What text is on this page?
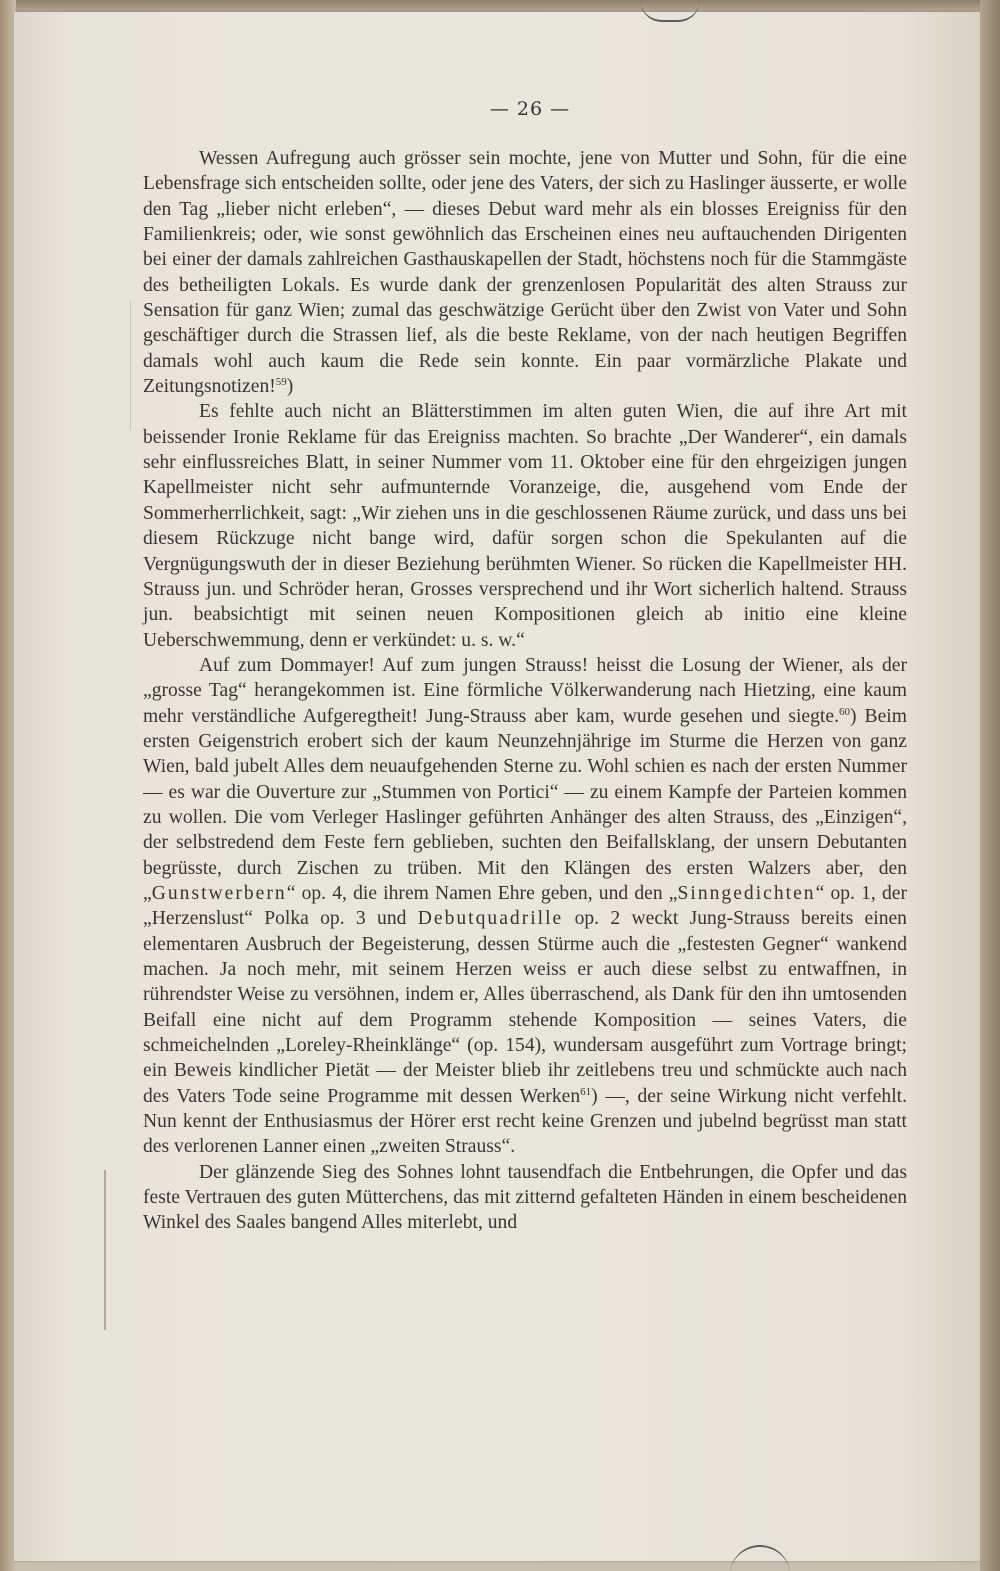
— 26 —

Wessen Aufregung auch grösser sein mochte, jene von Mutter und Sohn, für die eine Lebensfrage sich entscheiden sollte, oder jene des Vaters, der sich zu Haslinger äusserte, er wolle den Tag „lieber nicht erleben“, — dieses Debut ward mehr als ein blosses Ereigniss für den Familienkreis; oder, wie sonst gewöhnlich das Erscheinen eines neu auftauchenden Dirigenten bei einer der damals zahlreichen Gasthauskapellen der Stadt, höchstens noch für die Stammgäste des betheiligten Lokals. Es wurde dank der grenzenlosen Popularität des alten Strauss zur Sensation für ganz Wien; zumal das geschwätzige Gerücht über den Zwist von Vater und Sohn geschäftiger durch die Strassen lief, als die beste Reklame, von der nach heutigen Begriffen damals wohl auch kaum die Rede sein konnte. Ein paar vormärzliche Plakate und Zeitungsnotizen!$^{59}$)

Es fehlte auch nicht an Blätterstimmen im alten guten Wien, die auf ihre Art mit beissender Ironie Reklame für das Ereigniss machten. So brachte „Der Wanderer“, ein damals sehr einflussreiches Blatt, in seiner Nummer vom 11. Oktober eine für den ehrgeizigen jungen Kapellmeister nicht sehr aufmunternde Voranzeige, die, ausgehend vom Ende der Sommerherrlichkeit, sagt: „Wir ziehen uns in die geschlossenen Räume zurück, und dass uns bei diesem Rückzuge nicht bange wird, dafür sorgen schon die Spekulanten auf die Vergnügungswuth der in dieser Beziehung berühmten Wiener. So rücken die Kapellmeister HH. Strauss jun. und Schröder heran, Grosses versprechend und ihr Wort sicherlich haltend. Strauss jun. beabsichtigt mit seinen neuen Kompositionen gleich ab initio eine kleine Ueberschwemmung, denn er verkündet: u. s. w.“

Auf zum Dommayer! Auf zum jungen Strauss! heisst die Losung der Wiener, als der „grosse Tag“ herangekommen ist. Eine förmliche Völkerwanderung nach Hietzing, eine kaum mehr verständliche Aufgeregtheit! Jung-Strauss aber kam, wurde gesehen und siegte.$^{60}$) Beim ersten Geigenstrich erobert sich der kaum Neunzehnjährige im Sturme die Herzen von ganz Wien, bald jubelt Alles dem neuaufgehenden Sterne zu. Wohl schien es nach der ersten Nummer — es war die Ouverture zur „Stummen von Portici“ — zu einem Kampfe der Parteien kommen zu wollen. Die vom Verleger Haslinger geführten Anhänger des alten Strauss, des „Einzigen“, der selbstredend dem Feste fern geblieben, suchten den Beifallsklang, der unsern Debutanten begrüsste, durch Zischen zu trüben. Mit den Klängen des ersten Walzers aber, den „Gunstwerbern“ op. 4, die ihrem Namen Ehre geben, und den „Sinngedichten“ op. 1, der „Herzenslust“ Polka op. 3 und Debutquadrille op. 2 weckt Jung-Strauss bereits einen elementaren Ausbruch der Begeisterung, dessen Stürme auch die „festesten Gegner“ wankend machen. Ja noch mehr, mit seinem Herzen weiss er auch diese selbst zu entwaffnen, in rührendster Weise zu versöhnen, indem er, Alles überraschend, als Dank für den ihn umtosenden Beifall eine nicht auf dem Programm stehende Komposition — seines Vaters, die schmeichelnden „Loreley-Rheinklänge“ (op. 154), wundersam ausgeführt zum Vortrage bringt; ein Beweis kindlicher Pietät — der Meister blieb ihr zeitlebens treu und schmückte auch nach des Vaters Tode seine Programme mit dessen Werken$^{61}$) —, der seine Wirkung nicht verfehlt. Nun kennt der Enthusiasmus der Hörer erst recht keine Grenzen und jubelnd begrüsst man statt des verlorenen Lanner einen „zweiten Strauss“.

Der glänzende Sieg des Sohnes lohnt tausendfach die Entbehrungen, die Opfer und das feste Vertrauen des guten Mütterchens, das mit zitternd gefalteten Händen in einem bescheidenen Winkel des Saales bangend Alles miterlebt, und
